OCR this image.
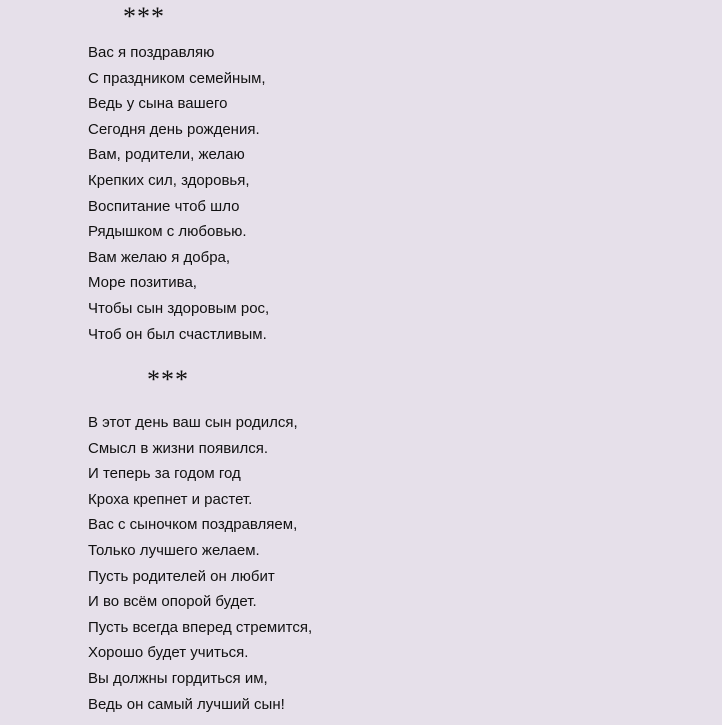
***
Вас я поздравляю
С праздником семейным,
Ведь у сына вашего
Сегодня день рождения.
Вам, родители, желаю
Крепких сил, здоровья,
Воспитание чтоб шло
Рядышком с любовью.
Вам желаю я добра,
Море позитива,
Чтобы сын здоровым рос,
Чтоб он был счастливым.
***
В этот день ваш сын родился,
Смысл в жизни появился.
И теперь за годом год
Кроха крепнет и растет.
Вас с сыночком поздравляем,
Только лучшего желаем.
Пусть родителей он любит
И во всём опорой будет.
Пусть всегда вперед стремится,
Хорошо будет учиться.
Вы должны гордиться им,
Ведь он самый лучший сын!
